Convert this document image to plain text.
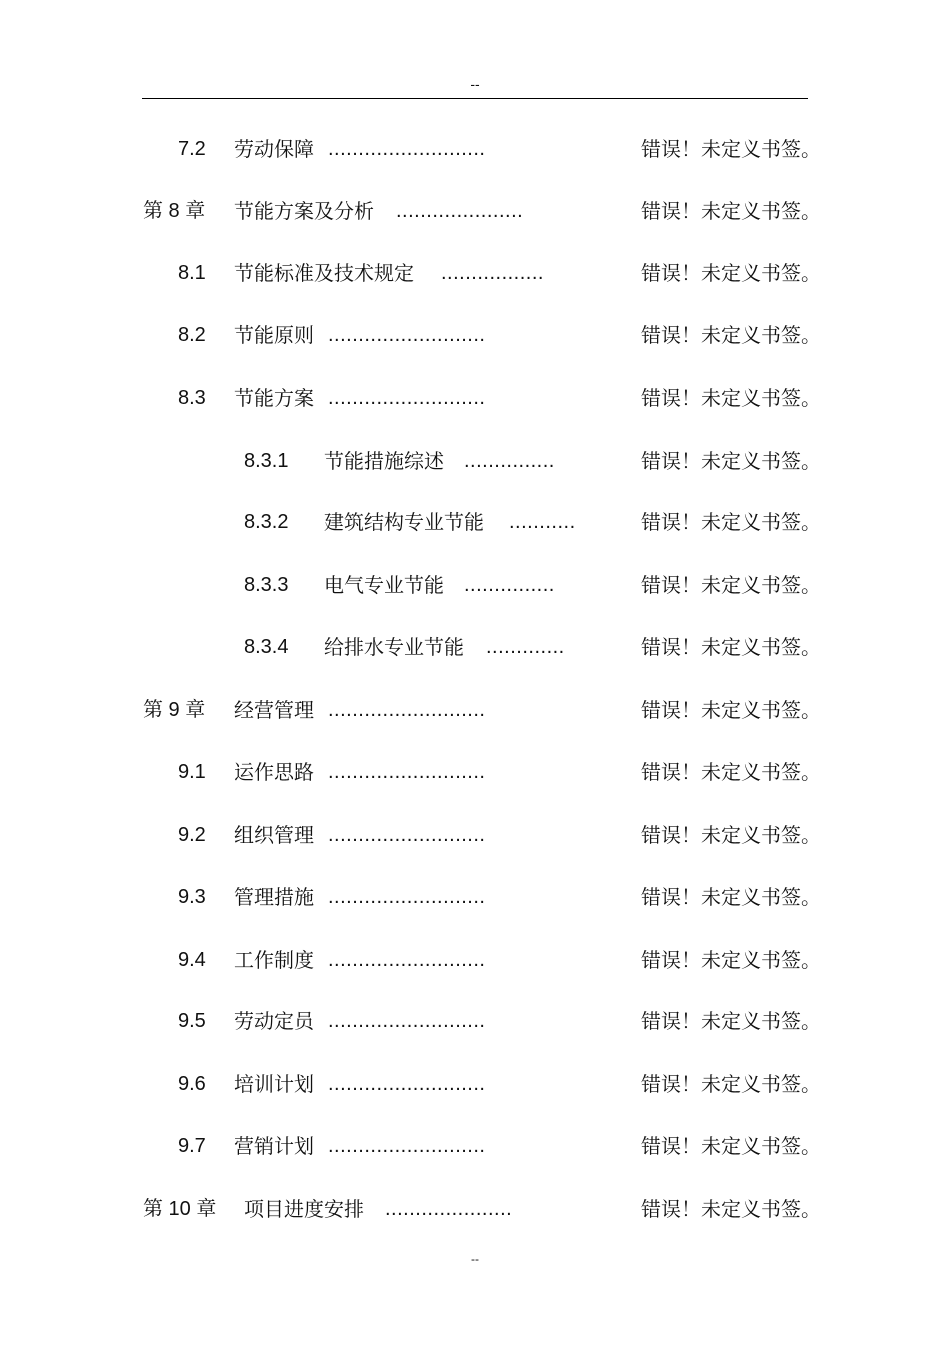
--
7.2 劳动保障 ..........................	错误！未定义书签。
第 8 章 节能方案及分析 .....................	错误！未定义书签。
8.1 节能标准及技术规定 .................	错误！未定义书签。
8.2 节能原则 ..........................	错误！未定义书签。
8.3 节能方案 ..........................	错误！未定义书签。
8.3.1 节能措施综述 ...............	错误！未定义书签。
8.3.2 建筑结构专业节能 ...........	错误！未定义书签。
8.3.3 电气专业节能 ...............	错误！未定义书签。
8.3.4 给排水专业节能 .............	错误！未定义书签。
第 9 章 经营管理 ..........................	错误！未定义书签。
9.1 运作思路 ..........................	错误！未定义书签。
9.2 组织管理 ..........................	错误！未定义书签。
9.3 管理措施 ..........................	错误！未定义书签。
9.4 工作制度 ..........................	错误！未定义书签。
9.5 劳动定员 ..........................	错误！未定义书签。
9.6 培训计划 ..........................	错误！未定义书签。
9.7 营销计划 ..........................	错误！未定义书签。
第 10 章 项目进度安排 .....................	错误！未定义书签。
--
